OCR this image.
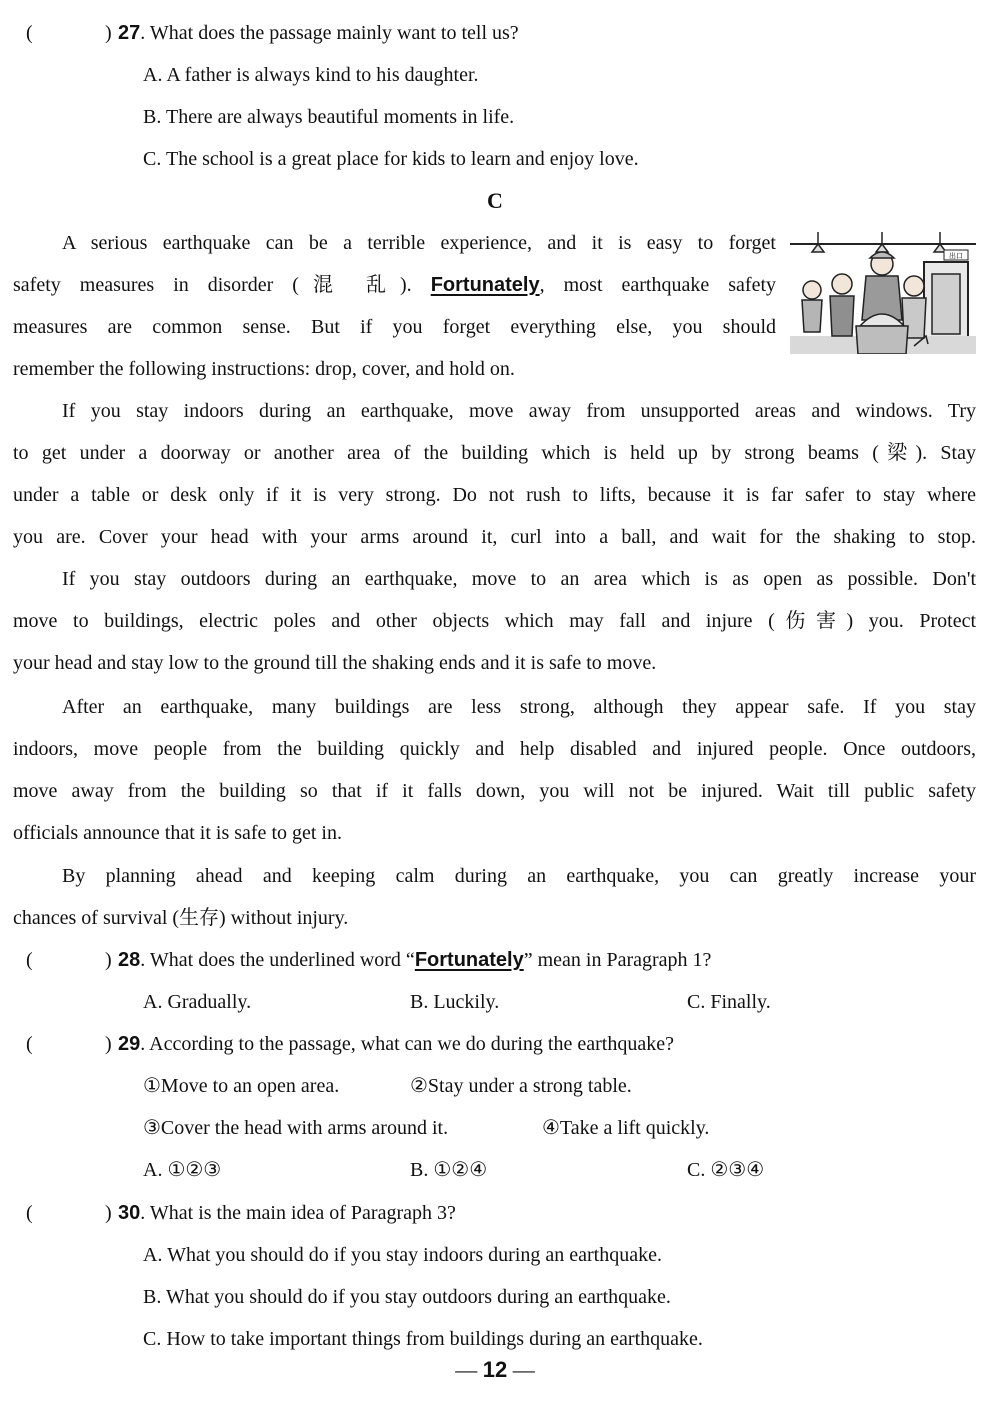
(	) 27. What does the passage mainly want to tell us?
A. A father is always kind to his daughter.
B. There are always beautiful moments in life.
C. The school is a great place for kids to learn and enjoy love.
C
出口
A serious earthquake can be a terrible experience, and it is easy to forget
safety measures in disorder (混 乱). Fortunately, most earthquake safety
measures are common sense. But if you forget everything else, you should
remember the following instructions: drop, cover, and hold on.
If you stay indoors during an earthquake, move away from unsupported areas and windows. Try
to get under a doorway or another area of the building which is held up by strong beams (梁). Stay
under a table or desk only if it is very strong. Do not rush to lifts, because it is far safer to stay where
you are. Cover your head with your arms around it, curl into a ball, and wait for the shaking to stop.
If you stay outdoors during an earthquake, move to an area which is as open as possible. Don't
move to buildings, electric poles and other objects which may fall and injure (伤害) you. Protect
your head and stay low to the ground till the shaking ends and it is safe to move.
After an earthquake, many buildings are less strong, although they appear safe. If you stay
indoors, move people from the building quickly and help disabled and injured people. Once outdoors,
move away from the building so that if it falls down, you will not be injured. Wait till public safety
officials announce that it is safe to get in.
By planning ahead and keeping calm during an earthquake, you can greatly increase your
chances of survival (生存) without injury.
(	) 28. What does the underlined word “Fortunately” mean in Paragraph 1?
A. Gradually.	B. Luckily.	C. Finally.
(	) 29. According to the passage, what can we do during the earthquake?
①Move to an open area.	②Stay under a strong table.
③Cover the head with arms around it.	④Take a lift quickly.
A. ①②③	B. ①②④	C. ②③④
(	) 30. What is the main idea of Paragraph 3?
A. What you should do if you stay indoors during an earthquake.
B. What you should do if you stay outdoors during an earthquake.
C. How to take important things from buildings during an earthquake.
— 12 —
